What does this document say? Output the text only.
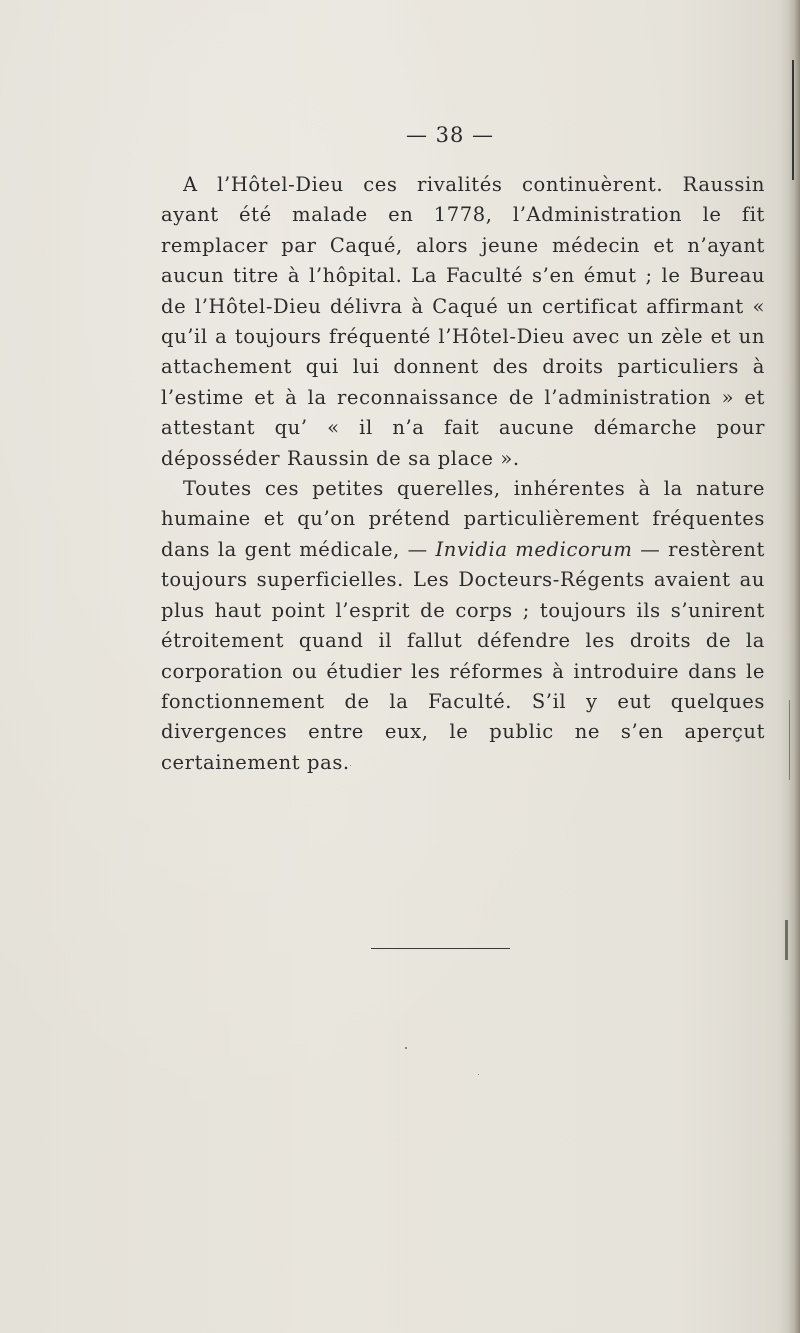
— 38 —

A l’Hôtel-Dieu ces rivalités continuèrent. Raussin ayant été malade en 1778, l’Administration le fit remplacer par Caqué, alors jeune médecin et n’ayant aucun titre à l’hôpital. La Faculté s’en émut ; le Bureau de l’Hôtel-Dieu délivra à Caqué un certificat affirmant « qu’il a toujours fréquenté l’Hôtel-Dieu avec un zèle et un attachement qui lui donnent des droits particuliers à l’estime et à la reconnaissance de l’administration » et attestant qu’ « il n’a fait aucune démarche pour déposséder Raussin de sa place ».

Toutes ces petites querelles, inhérentes à la nature humaine et qu’on prétend particulièrement fréquentes dans la gent médicale, — Invidia medicorum — restèrent toujours superficielles. Les Docteurs-Régents avaient au plus haut point l’esprit de corps ; toujours ils s’unirent étroitement quand il fallut défendre les droits de la corporation ou étudier les réformes à introduire dans le fonctionnement de la Faculté. S’il y eut quelques divergences entre eux, le public ne s’en aperçut certainement pas.
